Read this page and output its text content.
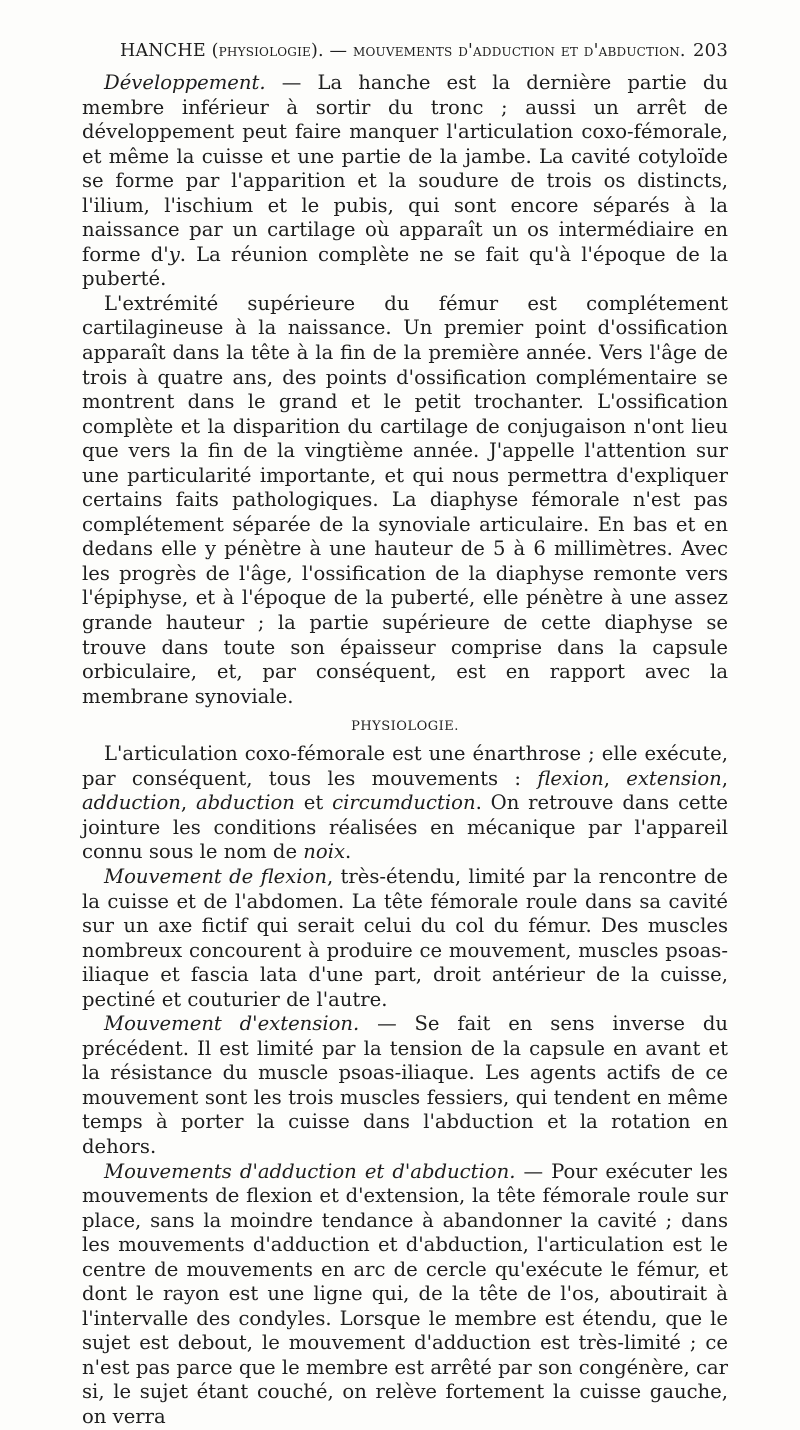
HANCHE (physiologie). — mouvements d'adduction et d'abduction. 203

Développement. — La hanche est la dernière partie du membre inférieur à sortir du tronc ; aussi un arrêt de développement peut faire manquer l'articulation coxo-fémorale, et même la cuisse et une partie de la jambe. La cavité cotyloïde se forme par l'apparition et la soudure de trois os distincts, l'ilium, l'ischium et le pubis, qui sont encore séparés à la naissance par un cartilage où apparaît un os intermédiaire en forme d'y. La réunion complète ne se fait qu'à l'époque de la puberté.

L'extrémité supérieure du fémur est complétement cartilagineuse à la naissance. Un premier point d'ossification apparaît dans la tête à la fin de la première année. Vers l'âge de trois à quatre ans, des points d'ossification complémentaire se montrent dans le grand et le petit trochanter. L'ossification complète et la disparition du cartilage de conjugaison n'ont lieu que vers la fin de la vingtième année. J'appelle l'attention sur une particularité importante, et qui nous permettra d'expliquer certains faits pathologiques. La diaphyse fémorale n'est pas complétement séparée de la synoviale articulaire. En bas et en dedans elle y pénètre à une hauteur de 5 à 6 millimètres. Avec les progrès de l'âge, l'ossification de la diaphyse remonte vers l'épiphyse, et à l'époque de la puberté, elle pénètre à une assez grande hauteur ; la partie supérieure de cette diaphyse se trouve dans toute son épaisseur comprise dans la capsule orbiculaire, et, par conséquent, est en rapport avec la membrane synoviale.

PHYSIOLOGIE.

L'articulation coxo-fémorale est une énarthrose ; elle exécute, par conséquent, tous les mouvements : flexion, extension, adduction, abduction et circumduction. On retrouve dans cette jointure les conditions réalisées en mécanique par l'appareil connu sous le nom de noix.

Mouvement de flexion, très-étendu, limité par la rencontre de la cuisse et de l'abdomen. La tête fémorale roule dans sa cavité sur un axe fictif qui serait celui du col du fémur. Des muscles nombreux concourent à produire ce mouvement, muscles psoas-iliaque et fascia lata d'une part, droit antérieur de la cuisse, pectiné et couturier de l'autre.

Mouvement d'extension. — Se fait en sens inverse du précédent. Il est limité par la tension de la capsule en avant et la résistance du muscle psoas-iliaque. Les agents actifs de ce mouvement sont les trois muscles fessiers, qui tendent en même temps à porter la cuisse dans l'abduction et la rotation en dehors.

Mouvements d'adduction et d'abduction. — Pour exécuter les mouvements de flexion et d'extension, la tête fémorale roule sur place, sans la moindre tendance à abandonner la cavité ; dans les mouvements d'adduction et d'abduction, l'articulation est le centre de mouvements en arc de cercle qu'exécute le fémur, et dont le rayon est une ligne qui, de la tête de l'os, aboutirait à l'intervalle des condyles. Lorsque le membre est étendu, que le sujet est debout, le mouvement d'adduction est très-limité ; ce n'est pas parce que le membre est arrêté par son congénère, car si, le sujet étant couché, on relève fortement la cuisse gauche, on verra
